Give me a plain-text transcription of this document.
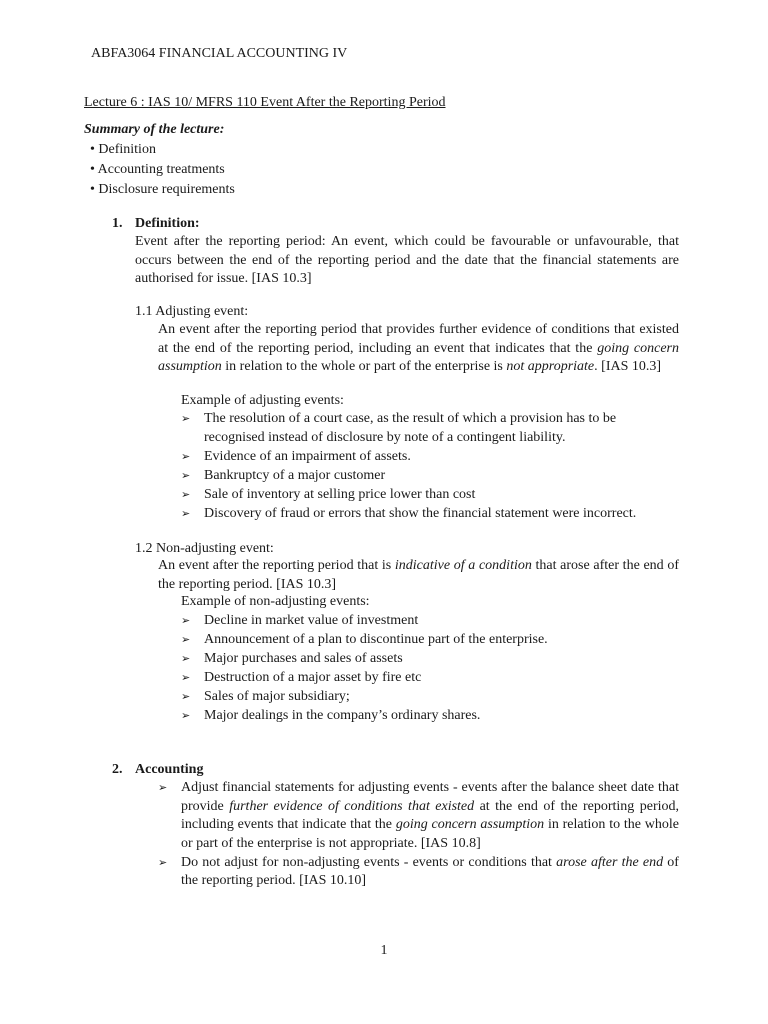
ABFA3064 FINANCIAL ACCOUNTING IV
Lecture 6 : IAS 10/ MFRS 110 Event After the Reporting Period
Summary of the lecture:
• Definition
• Accounting treatments
• Disclosure requirements
1. Definition:
Event after the reporting period: An event, which could be favourable or unfavourable, that occurs between the end of the reporting period and the date that the financial statements are authorised for issue. [IAS 10.3]
1.1 Adjusting event:
An event after the reporting period that provides further evidence of conditions that existed at the end of the reporting period, including an event that indicates that the going concern assumption in relation to the whole or part of the enterprise is not appropriate. [IAS 10.3]
Example of adjusting events:
➢ The resolution of a court case, as the result of which a provision has to be recognised instead of disclosure by note of a contingent liability.
➢ Evidence of an impairment of assets.
➢ Bankruptcy of a major customer
➢ Sale of inventory at selling price lower than cost
➢ Discovery of fraud or errors that show the financial statement were incorrect.
1.2 Non-adjusting event:
An event after the reporting period that is indicative of a condition that arose after the end of the reporting period. [IAS 10.3]
Example of non-adjusting events:
➢ Decline in market value of investment
➢ Announcement of a plan to discontinue part of the enterprise.
➢ Major purchases and sales of assets
➢ Destruction of a major asset by fire etc
➢ Sales of major subsidiary;
➢ Major dealings in the company’s ordinary shares.
2. Accounting
➢ Adjust financial statements for adjusting events - events after the balance sheet date that provide further evidence of conditions that existed at the end of the reporting period, including events that indicate that the going concern assumption in relation to the whole or part of the enterprise is not appropriate. [IAS 10.8]
➢ Do not adjust for non-adjusting events - events or conditions that arose after the end of the reporting period. [IAS 10.10]
1
